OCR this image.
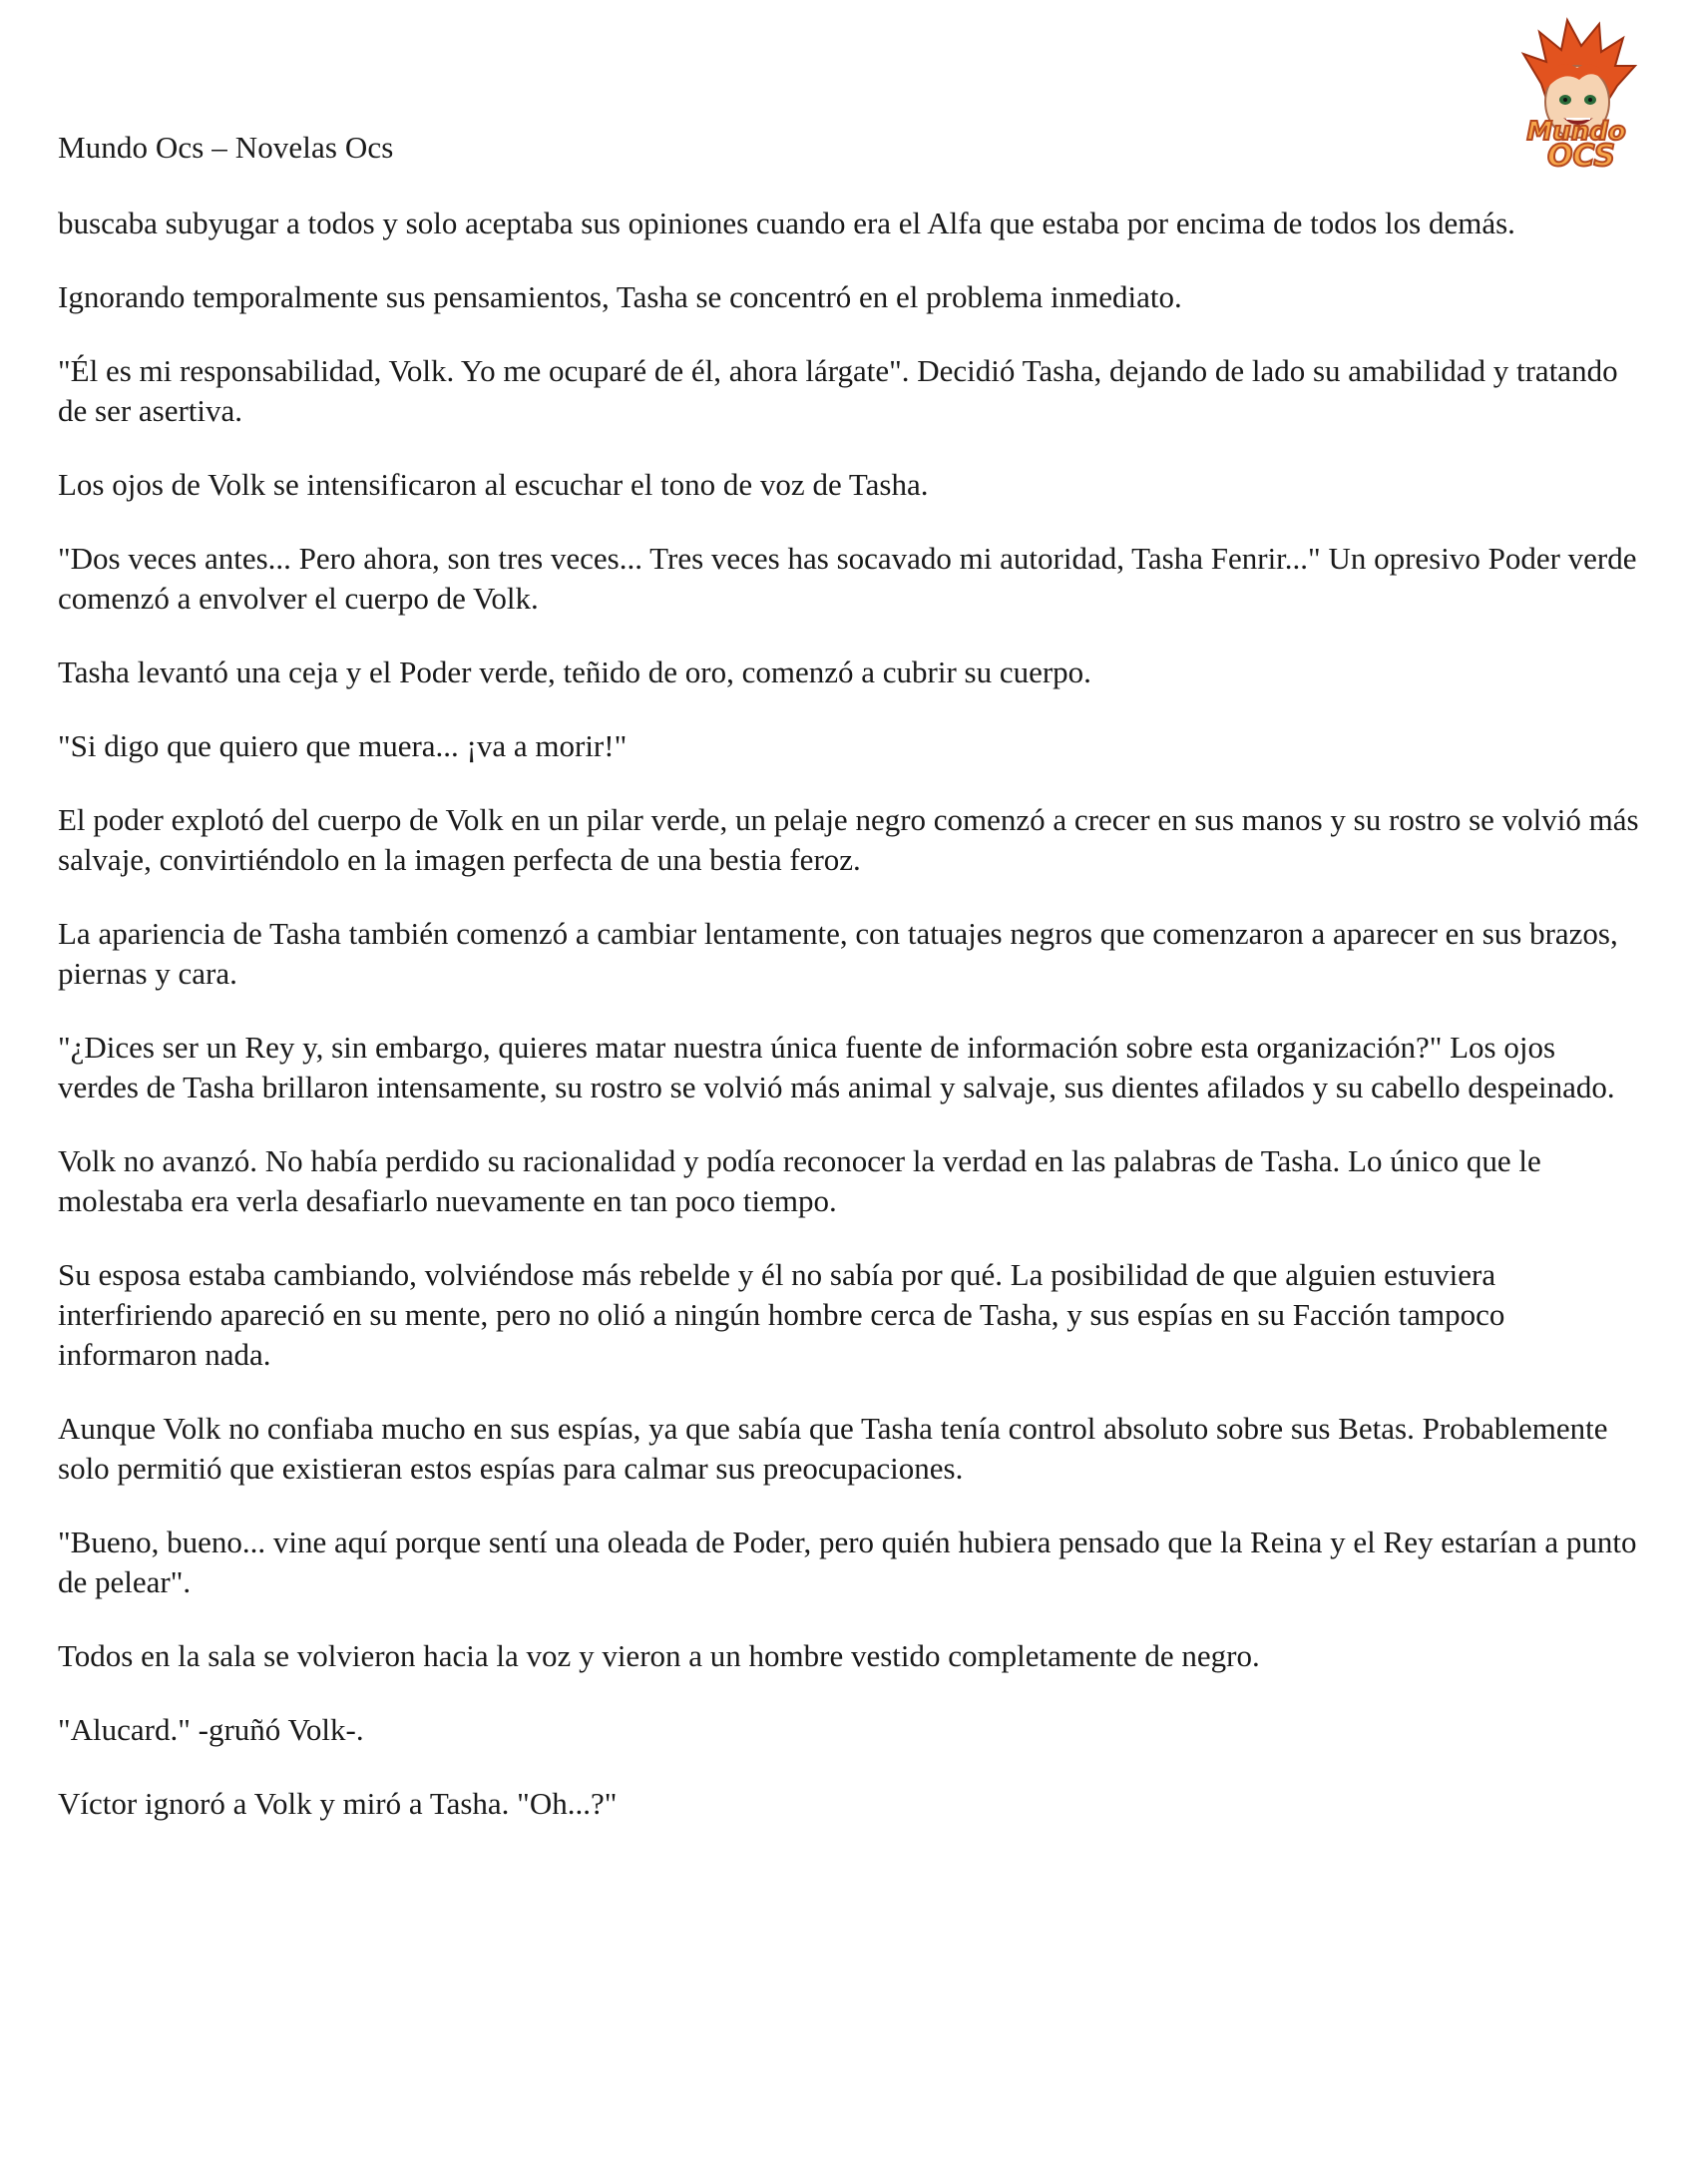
Mundo Ocs – Novelas Ocs	Mundo
OCS

buscaba subyugar a todos y solo aceptaba sus opiniones cuando era el Alfa que estaba por encima de todos los demás.

Ignorando temporalmente sus pensamientos, Tasha se concentró en el problema inmediato.

"Él es mi responsabilidad, Volk. Yo me ocuparé de él, ahora lárgate". Decidió Tasha, dejando de lado su amabilidad y tratando de ser asertiva.

Los ojos de Volk se intensificaron al escuchar el tono de voz de Tasha.

"Dos veces antes... Pero ahora, son tres veces... Tres veces has socavado mi autoridad, Tasha Fenrir..." Un opresivo Poder verde comenzó a envolver el cuerpo de Volk.

Tasha levantó una ceja y el Poder verde, teñido de oro, comenzó a cubrir su cuerpo.

"Si digo que quiero que muera... ¡va a morir!"

El poder explotó del cuerpo de Volk en un pilar verde, un pelaje negro comenzó a crecer en sus manos y su rostro se volvió más salvaje, convirtiéndolo en la imagen perfecta de una bestia feroz.

La apariencia de Tasha también comenzó a cambiar lentamente, con tatuajes negros que comenzaron a aparecer en sus brazos, piernas y cara.

"¿Dices ser un Rey y, sin embargo, quieres matar nuestra única fuente de información sobre esta organización?" Los ojos verdes de Tasha brillaron intensamente, su rostro se volvió más animal y salvaje, sus dientes afilados y su cabello despeinado.

Volk no avanzó. No había perdido su racionalidad y podía reconocer la verdad en las palabras de Tasha. Lo único que le molestaba era verla desafiarlo nuevamente en tan poco tiempo.

Su esposa estaba cambiando, volviéndose más rebelde y él no sabía por qué. La posibilidad de que alguien estuviera interfiriendo apareció en su mente, pero no olió a ningún hombre cerca de Tasha, y sus espías en su Facción tampoco informaron nada.

Aunque Volk no confiaba mucho en sus espías, ya que sabía que Tasha tenía control absoluto sobre sus Betas. Probablemente solo permitió que existieran estos espías para calmar sus preocupaciones.

"Bueno, bueno... vine aquí porque sentí una oleada de Poder, pero quién hubiera pensado que la Reina y el Rey estarían a punto de pelear".

Todos en la sala se volvieron hacia la voz y vieron a un hombre vestido completamente de negro.

"Alucard." -gruñó Volk-.

Víctor ignoró a Volk y miró a Tasha. "Oh...?"
